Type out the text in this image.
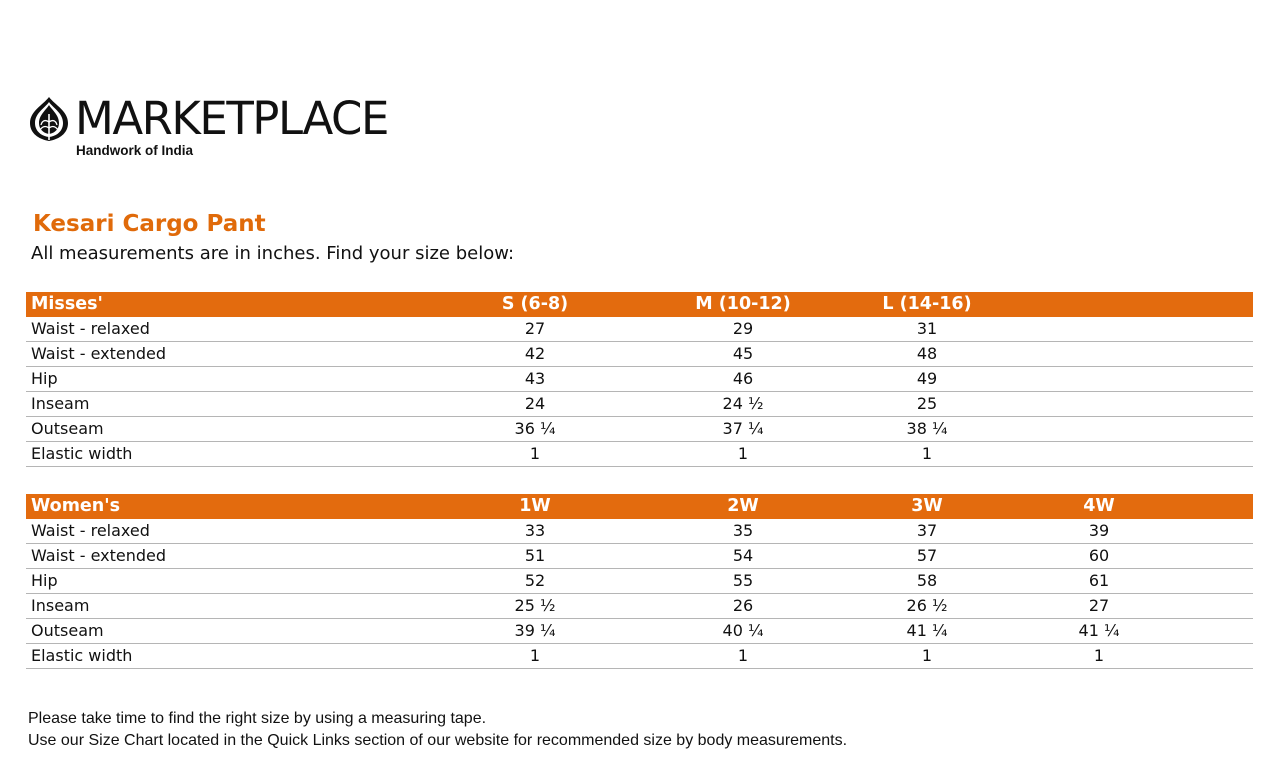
MARKETPLACE
Handwork of India
Kesari Cargo Pant
All measurements are in inches. Find your size below:
Misses'	S (6-8)	M (10-12)	L (14-16)
Waist - relaxed	27	29	31
Waist - extended	42	45	48
Hip	43	46	49
Inseam	24	24 ½	25
Outseam	36 ¼	37 ¼	38 ¼
Elastic width	1	1	1
Women's	1W	2W	3W	4W
Waist - relaxed	33	35	37	39
Waist - extended	51	54	57	60
Hip	52	55	58	61
Inseam	25 ½	26	26 ½	27
Outseam	39 ¼	40 ¼	41 ¼	41 ¼
Elastic width	1	1	1	1
Please take time to find the right size by using a measuring tape.
Use our Size Chart located in the Quick Links section of our website for recommended size by body measurements.
